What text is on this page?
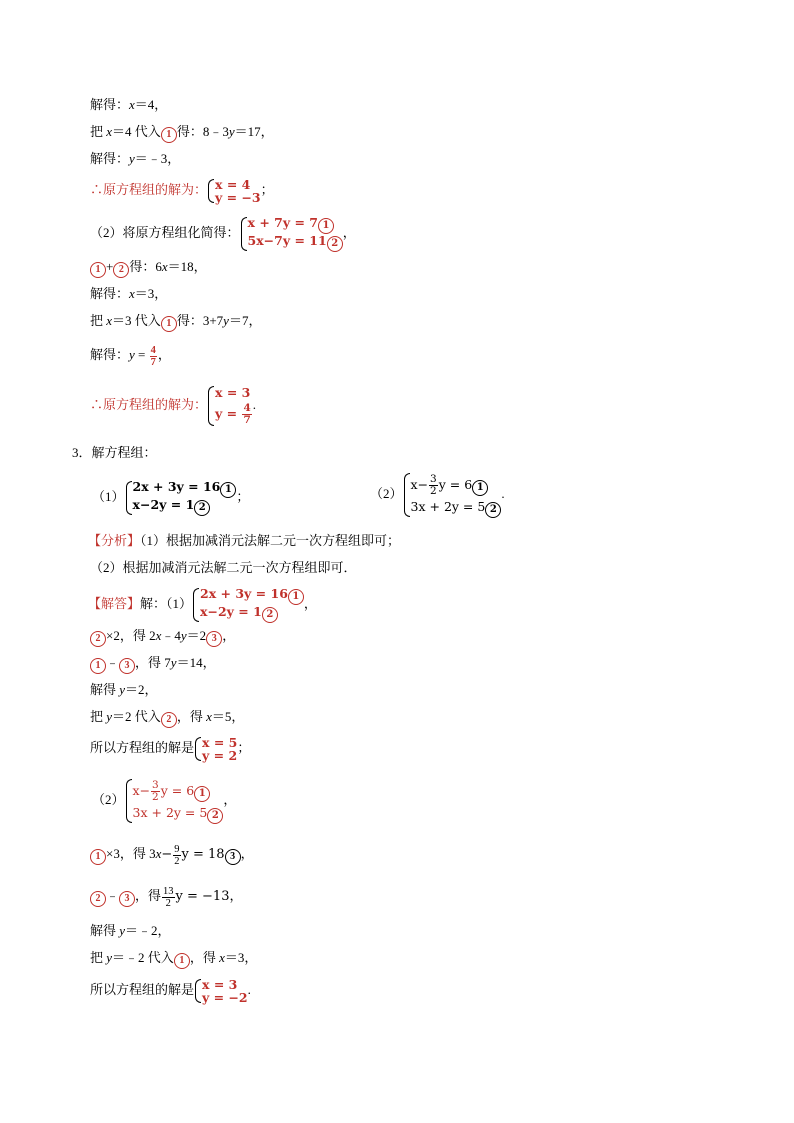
解得：x＝4，
把 x＝4 代入 1 得：8﹣3y＝17，
解得：y＝﹣3，
∴原方程组的解为： x = 4
y = −3
；
（2）将原方程组化简得：
x + 7y = 7 1
5x−7y = 11 2
，
1 + 2 得：6x＝18，
解得：x＝3，
把 x＝3 代入 1 得：3+7y＝7，
解得：$y = \frac{4}{7}$ ，
∴原方程组的解为：
x = 3
$y = \frac{4}{7}$ .
3．解方程组：
（1）
2x + 3y = 16 1
x−2y = 1 2
；	（2）
$x- \frac{3}{2}$ y = 6 1
3x + 2y = 5 2
.
【分析】（1）根据加减消元法解二元一次方程组即可；
（2）根据加减消元法解二元一次方程组即可．
【解答】解：（1）
2x + 3y = 16 1
x−2y = 1 2
，
2 ×2，得 2x﹣4y＝2 3 ，
1 ﹣ 3 ，得 7y＝14，
解得 y＝2，
把 y＝2 代入 2 ，得 x＝5，
所以方程组的解是 x = 5
y = 2
；
（2）
$x- \frac{3}{2}$ y = 6 1
3x + 2y = 5 2
，
1 ×3，得 $3x- \frac{9}{2}$ y = 18 3 ，
2 ﹣ 3 ，得 $\frac{13}{2}$ y = −13，
解得 y＝﹣2，
把 y＝﹣2 代入 1 ，得 x＝3，
所以方程组的解是 x = 3
y = −2
.
